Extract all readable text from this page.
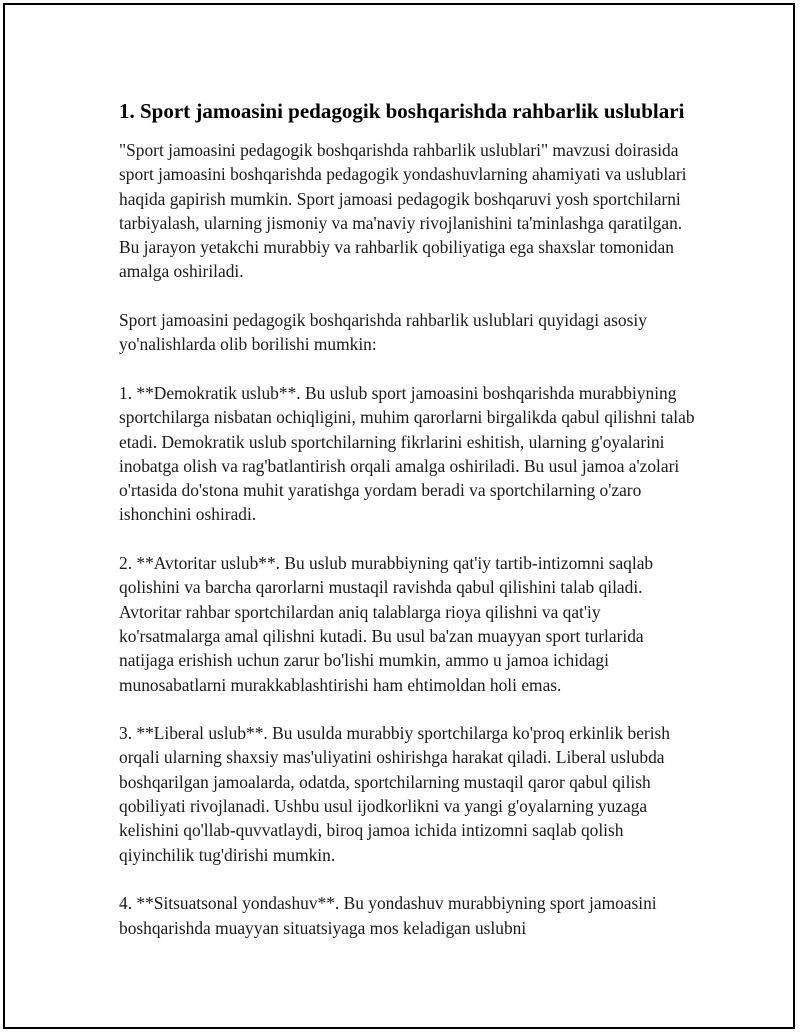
1. Sport jamoasini pedagogik boshqarishda rahbarlik uslublari

"Sport jamoasini pedagogik boshqarishda rahbarlik uslublari" mavzusi doirasida sport jamoasini boshqarishda pedagogik yondashuvlarning ahamiyati va uslublari haqida gapirish mumkin. Sport jamoasi pedagogik boshqaruvi yosh sportchilarni tarbiyalash, ularning jismoniy va ma'naviy rivojlanishini ta'minlashga qaratilgan. Bu jarayon yetakchi murabbiy va rahbarlik qobiliyatiga ega shaxslar tomonidan amalga oshiriladi.

Sport jamoasini pedagogik boshqarishda rahbarlik uslublari quyidagi asosiy yo'nalishlarda olib borilishi mumkin:

1. **Demokratik uslub**. Bu uslub sport jamoasini boshqarishda murabbiyning sportchilarga nisbatan ochiqligini, muhim qarorlarni birgalikda qabul qilishni talab etadi. Demokratik uslub sportchilarning fikrlarini eshitish, ularning g'oyalarini inobatga olish va rag'batlantirish orqali amalga oshiriladi. Bu usul jamoa a'zolari o'rtasida do'stona muhit yaratishga yordam beradi va sportchilarning o'zaro ishonchini oshiradi.

2. **Avtoritar uslub**. Bu uslub murabbiyning qat'iy tartib-intizomni saqlab qolishini va barcha qarorlarni mustaqil ravishda qabul qilishini talab qiladi. Avtoritar rahbar sportchilardan aniq talablarga rioya qilishni va qat'iy ko'rsatmalarga amal qilishni kutadi. Bu usul ba'zan muayyan sport turlarida natijaga erishish uchun zarur bo'lishi mumkin, ammo u jamoa ichidagi munosabatlarni murakkablashtirishi ham ehtimoldan holi emas.

3. **Liberal uslub**. Bu usulda murabbiy sportchilarga ko'proq erkinlik berish orqali ularning shaxsiy mas'uliyatini oshirishga harakat qiladi. Liberal uslubda boshqarilgan jamoalarda, odatda, sportchilarning mustaqil qaror qabul qilish qobiliyati rivojlanadi. Ushbu usul ijodkorlikni va yangi g'oyalarning yuzaga kelishini qo'llab-quvvatlaydi, biroq jamoa ichida intizomni saqlab qolish qiyinchilik tug'dirishi mumkin.

4. **Sitsuatsonal yondashuv**. Bu yondashuv murabbiyning sport jamoasini boshqarishda muayyan situatsiyaga mos keladigan uslubni
